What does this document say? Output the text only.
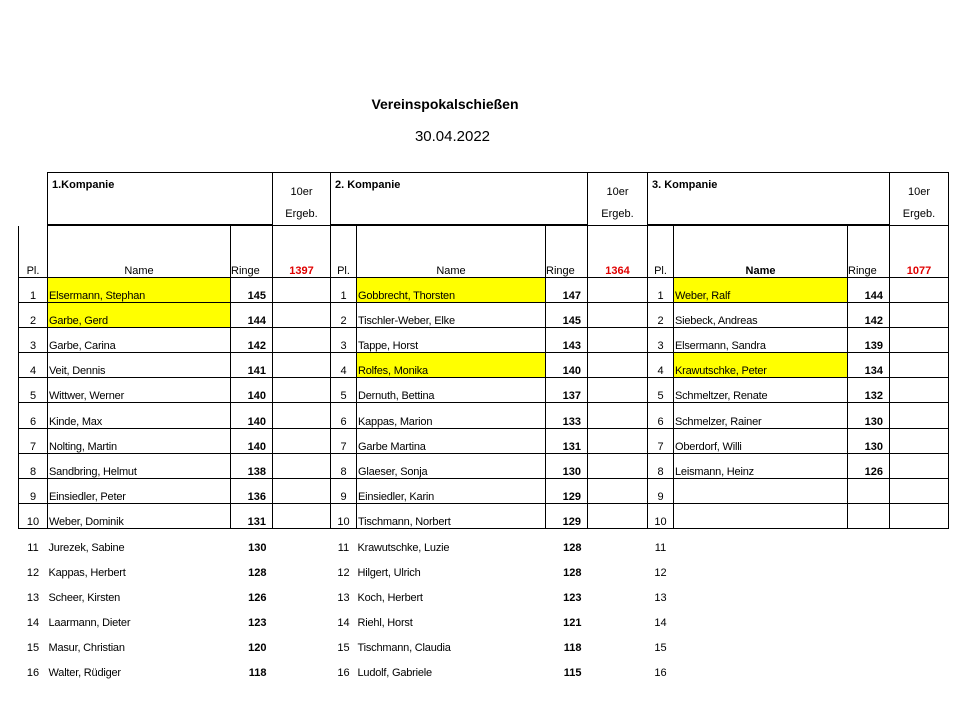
Vereinspokalschießen
30.04.2022
	1.Kompanie		10er
Ergeb.	2. Kompanie			10er
Ergeb.	3. Kompanie			10er
Ergeb.

Pl.	Name	Ringe	1397	Pl.	Name	Ringe	1364	Pl.	Name	Ringe	1077
1	Elsermann, Stephan	145		1	Gobbrecht, Thorsten	147		1	Weber, Ralf	144	
2	Garbe, Gerd	144		2	Tischler-Weber, Elke	145		2	Siebeck, Andreas	142	
3	Garbe, Carina	142		3	Tappe, Horst	143		3	Elsermann, Sandra	139	
4	Veit, Dennis	141		4	Rolfes, Monika	140		4	Krawutschke, Peter	134	
5	Wittwer, Werner	140		5	Dernuth, Bettina	137		5	Schmeltzer, Renate	132	
6	Kinde, Max	140		6	Kappas, Marion	133		6	Schmelzer, Rainer	130	
7	Nolting, Martin	140		7	Garbe Martina	131		7	Oberdorf, Willi	130	
8	Sandbring, Helmut	138		8	Glaeser, Sonja	130		8	Leismann, Heinz	126	
9	Einsiedler, Peter	136		9	Einsiedler, Karin	129		9			
10	Weber, Dominik	131		10	Tischmann, Norbert	129		10			
11	Jurezek, Sabine	130		11	Krawutschke, Luzie	128		11			
12	Kappas, Herbert	128		12	Hilgert, Ulrich	128		12			
13	Scheer, Kirsten	126		13	Koch, Herbert	123		13			
14	Laarmann, Dieter	123		14	Riehl, Horst	121		14			
15	Masur, Christian	120		15	Tischmann, Claudia	118		15			
16	Walter, Rüdiger	118		16	Ludolf, Gabriele	115		16			
